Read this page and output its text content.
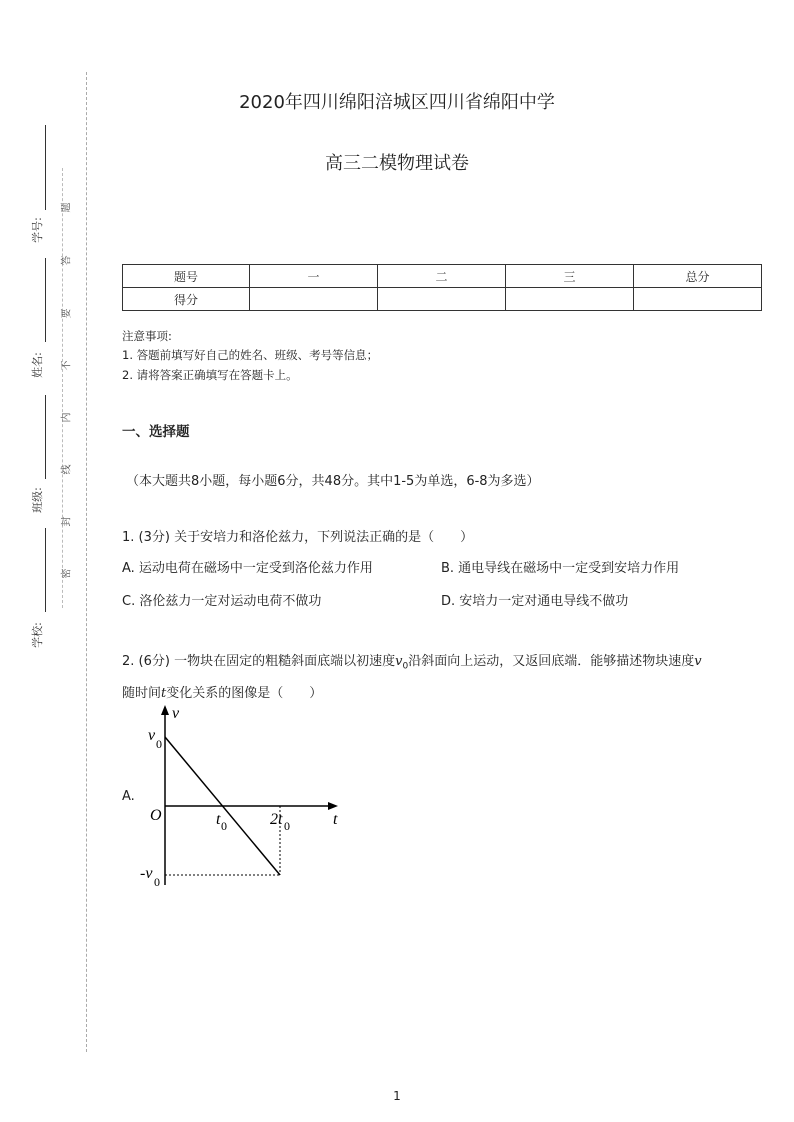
学号:
姓名:
班级:
学校:
题
答
要
不
内
线
封
密
2020年四川绵阳涪城区四川省绵阳中学
高三二模物理试卷
题号	一	二	三	总分
得分				
注意事项:
1. 答题前填写好自己的姓名、班级、考号等信息；
2. 请将答案正确填写在答题卡上。
一、选择题
（本大题共8小题，每小题6分，共48分。其中1-5为单选，6-8为多选）
1. (3分) 关于安培力和洛伦兹力，下列说法正确的是（　　）
A. 运动电荷在磁场中一定受到洛伦兹力作用	B. 通电导线在磁场中一定受到安培力作用
C. 洛伦兹力一定对运动电荷不做功	D. 安培力一定对通电导线不做功
2. (6分) 一物块在固定的粗糙斜面底端以初速度$v_0$沿斜面向上运动，又返回底端．能够描述物块速度v
随时间t变化关系的图像是（　　）
A.
v
t
O
v 0
-v 0
t 0	2t 0
1
